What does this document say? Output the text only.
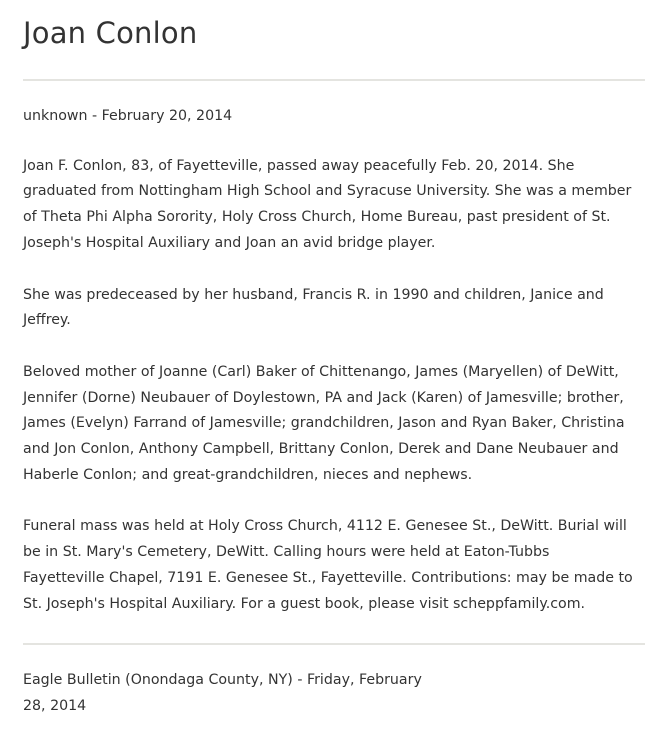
Joan Conlon

unknown - February 20, 2014

Joan F. Conlon, 83, of Fayetteville, passed away peacefully Feb. 20, 2014. She graduated from Nottingham High School and Syracuse University. She was a member of Theta Phi Alpha Sorority, Holy Cross Church, Home Bureau, past president of St. Joseph's Hospital Auxiliary and Joan an avid bridge player.

She was predeceased by her husband, Francis R. in 1990 and children, Janice and Jeffrey.

Beloved mother of Joanne (Carl) Baker of Chittenango, James (Maryellen) of DeWitt, Jennifer (Dorne) Neubauer of Doylestown, PA and Jack (Karen) of Jamesville; brother, James (Evelyn) Farrand of Jamesville; grandchildren, Jason and Ryan Baker, Christina and Jon Conlon, Anthony Campbell, Brittany Conlon, Derek and Dane Neubauer and Haberle Conlon; and great-grandchildren, nieces and nephews.

Funeral mass was held at Holy Cross Church, 4112 E. Genesee St., DeWitt. Burial will be in St. Mary's Cemetery, DeWitt. Calling hours were held at Eaton-Tubbs Fayetteville Chapel, 7191 E. Genesee St., Fayetteville. Contributions: may be made to St. Joseph's Hospital Auxiliary. For a guest book, please visit scheppfamily.com.

Eagle Bulletin (Onondaga County, NY) - Friday, February 28, 2014
